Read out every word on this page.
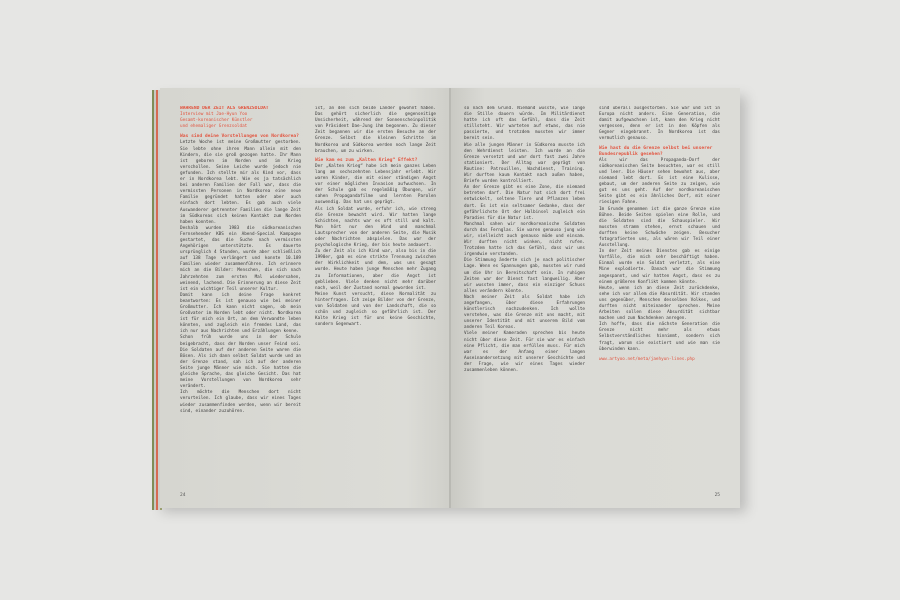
WÄHREND DER ZEIT ALS GRENZSOLDAT
Interview mit Jae-Hyun Yoo
Gesamt-koreanischer Künstler
und ehemaliger Grenzsoldat
Was sind deine Vorstellungen von Nordkorea?

Letzte Woche ist meine Großmutter gestorben. Sie lebte ohne ihren Mann allein mit den Kindern, die sie groß gezogen hatte. Ihr Mann ist geboren im Norden und im Krieg verschollen. Seine Leiche wurde jedoch nie gefunden. Ich stellte mir als Kind vor, dass er in Nordkorea lebt. Wie es ja tatsächlich bei anderen Familien der Fall war, dass die vermissten Personen in Nordkorea eine neue Familie gegründet hatten oder aber auch einfach dort lebten. Es gab auch viele Auswanderer getrennter Familien die lange Zeit im Südkoreas sich keinen Kontakt zum Norden haben konnten.
Deshalb wurden 1983 die südkoreanischen Fernsehender KBS ein Abend-Special Kampagne gestartet, das die Suche nach vermissten Angehörigen unterstützte. Es dauerte ursprünglich 4 Stunden, wurde aber schließlich auf 138 Tage verlängert und konnte 10.189 Familien wieder zusammenführen. Ich erinnere mich an die Bilder: Menschen, die sich nach Jahrzehnten zum ersten Mal wiedersahen, weinend, lachend. Die Erinnerung an diese Zeit ist ein wichtiger Teil unserer Kultur.
Damit kann ich deine Frage konkret beantworten: Es ist genauso wie bei meiner Großmutter. Ich kann nicht sagen, ob mein Großvater im Norden lebt oder nicht. Nordkorea ist für mich ein Ort, an dem Verwandte leben könnten, und zugleich ein fremdes Land, das ich nur aus Nachrichten und Erzählungen kenne.
Schon früh wurde uns in der Schule beigebracht, dass der Norden unser Feind sei. Die Soldaten auf der anderen Seite waren die Bösen. Als ich dann selbst Soldat wurde und an der Grenze stand, sah ich auf der anderen Seite junge Männer wie mich. Sie hatten die gleiche Sprache, das gleiche Gesicht. Das hat meine Vorstellungen von Nordkorea sehr verändert.
Ich möchte die Menschen dort nicht verurteilen. Ich glaube, dass wir eines Tages wieder zusammenfinden werden, wenn wir bereit sind, einander zuzuhören.

ist, an den sich beide Länder gewöhnt haben. Das gehört sicherlich die gegenseitige Unsicherheit, während der Sonnenscheinpolitik von Präsident Dae-Jung ihm begonnen. Zu dieser Zeit begannen wir die ersten Besuche an der Grenze. Selbst die kleinen Schritte im Nordkorea und Südkorea werden noch lange Zeit brauchen, um zu wirken.

Wie kam es zum „Kalten Krieg“ Effekt?

Der „Kalten Krieg“ habe ich mein ganzes Leben lang am sechszehnten Lebensjahr erlebt. Wir waren Kinder, die mit einer ständigen Angst vor einer möglichen Invasion aufwuchsen. In der Schule gab es regelmäßig Übungen, wir sahen Propagandafilme und lernten Parolen auswendig. Das hat uns geprägt.
Als ich Soldat wurde, erfuhr ich, wie streng die Grenze bewacht wird. Wir hatten lange Schichten, nachts war es oft still und kalt. Man hört nur den Wind und manchmal Lautsprecher von der anderen Seite, die Musik oder Nachrichten abspielen. Das war der psychologische Krieg, der bis heute andauert.
Zu der Zeit als ich Kind war, also bis in die 1990er, gab es eine strikte Trennung zwischen der Wirklichkeit und dem, was uns gesagt wurde. Heute haben junge Menschen mehr Zugang zu Informationen, aber die Angst ist geblieben. Viele denken nicht mehr darüber nach, weil der Zustand normal geworden ist.
Meine Kunst versucht, diese Normalität zu hinterfragen. Ich zeige Bilder von der Grenze, von Soldaten und von der Landschaft, die so schön und zugleich so gefährlich ist. Der Kalte Krieg ist für uns keine Geschichte, sondern Gegenwart.

24

so nach dem Grund. Niemand wusste, wie lange die Stille dauern würde. Im Militärdienst hatte ich oft das Gefühl, dass die Zeit stillsteht. Wir warteten auf etwas, das nie passierte, und trotzdem mussten wir immer bereit sein.
Wie alle jungen Männer in Südkorea musste ich den Wehrdienst leisten. Ich wurde an die Grenze versetzt und war dort fast zwei Jahre stationiert. Der Alltag war geprägt von Routine: Patrouillen, Wachdienst, Training. Wir durften kaum Kontakt nach außen haben, Briefe wurden kontrolliert.
An der Grenze gibt es eine Zone, die niemand betreten darf. Die Natur hat sich dort frei entwickelt, seltene Tiere und Pflanzen leben dort. Es ist ein seltsamer Gedanke, dass der gefährlichste Ort der Halbinsel zugleich ein Paradies für die Natur ist.
Manchmal sahen wir nordkoreanische Soldaten durch das Fernglas. Sie waren genauso jung wie wir, vielleicht auch genauso müde und einsam. Wir durften nicht winken, nicht rufen. Trotzdem hatte ich das Gefühl, dass wir uns irgendwie verstanden.
Die Stimmung änderte sich je nach politischer Lage. Wenn es Spannungen gab, mussten wir rund um die Uhr in Bereitschaft sein. In ruhigen Zeiten war der Dienst fast langweilig. Aber wir wussten immer, dass ein einziger Schuss alles verändern könnte.
Nach meiner Zeit als Soldat habe ich angefangen, über diese Erfahrungen künstlerisch nachzudenken. Ich wollte verstehen, was die Grenze mit uns macht, mit unserer Identität und mit unserem Bild vom anderen Teil Koreas.
Viele meiner Kameraden sprechen bis heute nicht über diese Zeit. Für sie war es einfach eine Pflicht, die man erfüllen muss. Für mich war es der Anfang einer langen Auseinandersetzung mit unserer Geschichte und der Frage, wie wir eines Tages wieder zusammenleben können.

sind überall ausgestorben. Sie war und ist in Europa nicht anders. Eine Generation, die damit aufgewachsen ist, kann den Krieg nicht vergessen, denn er ist in den Köpfen als Gegner eingebrannt. In Nordkorea ist das vermutlich genauso.

Wie hast du die Grenze selbst bei unserer Bundesrepublik gesehen?

Als wir das Propaganda-Dorf der südkoreanischen Seite besuchten, war es still und leer. Die Häuser sehen bewohnt aus, aber niemand lebt dort. Es ist eine Kulisse, gebaut, um der anderen Seite zu zeigen, wie gut es uns geht. Auf der nordkoreanischen Seite gibt es ein ähnliches Dorf, mit einer riesigen Fahne.
Im Grunde genommen ist die ganze Grenze eine Bühne. Beide Seiten spielen eine Rolle, und die Soldaten sind die Schauspieler. Wir mussten stramm stehen, ernst schauen und durften keine Schwäche zeigen. Besucher fotografierten uns, als wären wir Teil einer Ausstellung.
In der Zeit meines Dienstes gab es einige Vorfälle, die mich sehr beschäftigt haben. Einmal wurde ein Soldat verletzt, als eine Mine explodierte. Danach war die Stimmung angespannt, und wir hatten Angst, dass es zu einem größeren Konflikt kommen könnte.
Heute, wenn ich an diese Zeit zurückdenke, sehe ich vor allem die Absurdität. Wir standen uns gegenüber, Menschen desselben Volkes, und durften nicht miteinander sprechen. Meine Arbeiten sollen diese Absurdität sichtbar machen und zum Nachdenken anregen.
Ich hoffe, dass die nächste Generation die Grenze nicht mehr als etwas Selbstverständliches hinnimmt, sondern sich fragt, warum sie existiert und wie man sie überwinden kann.

www.artyoo.net/meta/jaehyun-lines.php
25
